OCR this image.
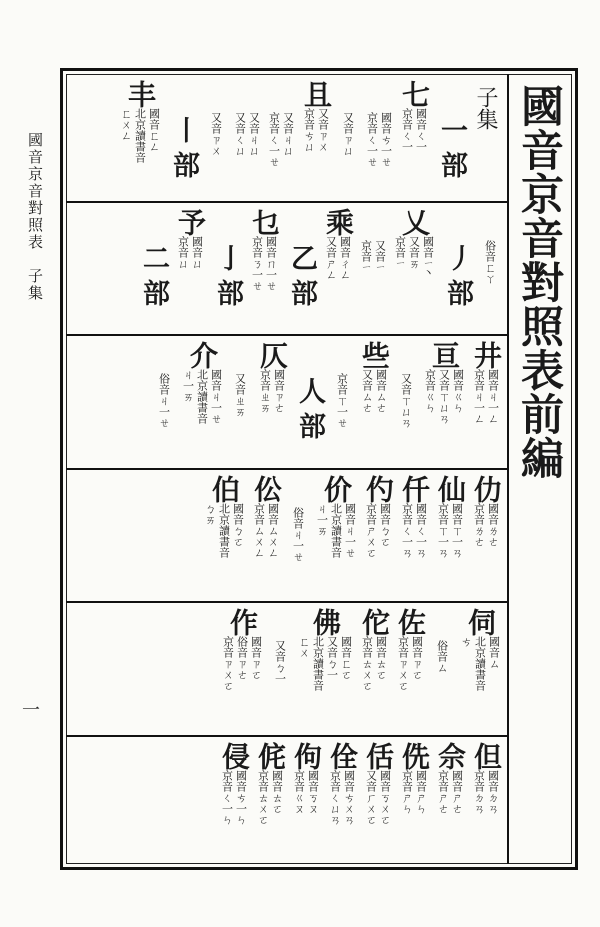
國音京音對照表　子集
一
國音京音對照表前編
子集
一部
七
國音ㄑ一
京音ㄑ一
國音ㄘ一ㄝ
京音ㄑ一ㄝ
又音ㄗㄩ
且
又音ㄗㄨ
京音ㄘㄩ
又音ㄐㄩ
京音ㄑ一ㄝ
又音ㄐㄩ
又音ㄑㄩ
又音ㄗㄨ
丨部
丰
國音ㄈㄥ
北京讀書音
ㄈㄨㄥ
俗音ㄈㄚ
丿部
乂
國音ㄧ丶
又音ㄞ
京音ㄧ
又音ㄧ
京音ㄧ
乘
國音ㄔㄥ
又音ㄕㄥ
乙部
乜
國音ㄇ一ㄝ
京音ㄋ一ㄝ
亅部
予
國音ㄩ
京音ㄩ
二部
井
國音ㄐ一ㄥ
京音ㄐ一ㄥ
亘
國音ㄍㄣ
又音ㄒㄩㄢ
京音ㄍㄣ
又音ㄒㄩㄢ
些
國音ㄙㄜ
又音ㄙㄜ
京音ㄒ一ㄝ
人部
仄
國音ㄗㄜ
京音ㄓㄞ
又音ㄓㄞ
介
國音ㄐ一ㄝ
北京讀書音
ㄐ一ㄞ
俗音ㄐ一ㄝ
仂
國音ㄌㄜ
京音ㄌㄜ
仙
國音ㄒ一ㄢ
京音ㄒ一ㄢ
仟
國音ㄑ一ㄢ
京音ㄑ一ㄢ
仢
國音ㄅㄛ
京音ㄕㄨㄛ
价
國音ㄐ一ㄝ
北京讀書音
ㄐ一ㄞ
俗音ㄐ一ㄝ
伀
國音ㄙㄨㄥ
京音ㄙㄨㄥ
伯
國音ㄅㄛ
北京讀書音
ㄅㄞ
伺
國音ㄙ
北京讀書音
ㄘ
俗音ㄙ
佐
國音ㄗㄛ
京音ㄗㄨㄛ
佗
國音ㄊㄛ
京音ㄊㄨㄛ
佛
國音ㄈㄛ
又音ㄅ一
北京讀書音
ㄈㄨ
又音ㄅ一
作
國音ㄗㄛ
俗音ㄗㄜ
京音ㄗㄨㄛ
但
國音ㄉㄢ
京音ㄉㄢ
佘
國音ㄕㄜ
京音ㄕㄜ
侁
國音ㄕㄣ
京音ㄕㄣ
佸
國音ㄎㄨㄛ
又音ㄏㄨㄛ
佺
國音ㄘㄨㄢ
京音ㄑㄩㄢ
佝
國音ㄎㄡ
京音ㄍㄡ
侂
國音ㄊㄛ
京音ㄊㄨㄛ
侵
國音ㄘ一ㄣ
京音ㄑ一ㄣ
